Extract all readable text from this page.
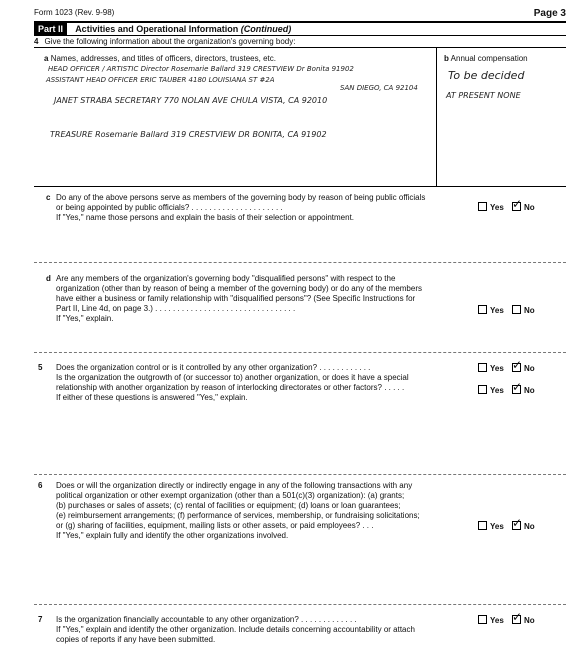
Form 1023 (Rev. 9-98)	Page 3
Part II Activities and Operational Information (Continued)
4 Give the following information about the organization's governing body:
a Names, addresses, and titles of officers, directors, trustees, etc.	b Annual compensation
HEAD OFFICER / ARTISTIC Director Rosemarie Ballard 319 CRESTVIEW Dr Bonita 91902
ASSISTANT HEAD OFFICER ERIC TAUBER 4180 LOUISIANA ST #2A
SAN DIEGO, CA 92104
JANET STRABA SECRETARY 770 NOLAN AVE CHULA VISTA, CA 92010
TREASURE Rosemarie Ballard 319 CRESTVIEW DR BONITA, CA 91902
To be decided
AT PRESENT NONE
c Do any of the above persons serve as members of the governing body by reason of being public officials
or being appointed by public officials? . . . . . . . . . . . . . . . . . . . . .
If "Yes," name those persons and explain the basis of their selection or appointment.
Yes ✓	No
d Are any members of the organization's governing body "disqualified persons" with respect to the
organization (other than by reason of being a member of the governing body) or do any of the members
have either a business or family relationship with "disqualified persons"? (See Specific Instructions for
Part II, Line 4d, on page 3.) . . . . . . . . . . . . . . . . . . . . . . . . . . . . . . . .
If "Yes," explain.
Yes	No
5 Does the organization control or is it controlled by any other organization? . . . . . . . . . . . .
Is the organization the outgrowth of (or successor to) another organization, or does it have a special
relationship with another organization by reason of interlocking directorates or other factors? . . . . .
If either of these questions is answered "Yes," explain.
Yes ✓	No
Yes ✓	No
6 Does or will the organization directly or indirectly engage in any of the following transactions with any
political organization or other exempt organization (other than a 501(c)(3) organization): (a) grants;
(b) purchases or sales of assets; (c) rental of facilities or equipment; (d) loans or loan guarantees;
(e) reimbursement arrangements; (f) performance of services, membership, or fundraising solicitations;
or (g) sharing of facilities, equipment, mailing lists or other assets, or paid employees? . . .
If "Yes," explain fully and identify the other organizations involved.
Yes ✓	No
7 Is the organization financially accountable to any other organization? . . . . . . . . . . . . .
If "Yes," explain and identify the other organization. Include details concerning accountability or attach
copies of reports if any have been submitted.
Yes ✓	No
